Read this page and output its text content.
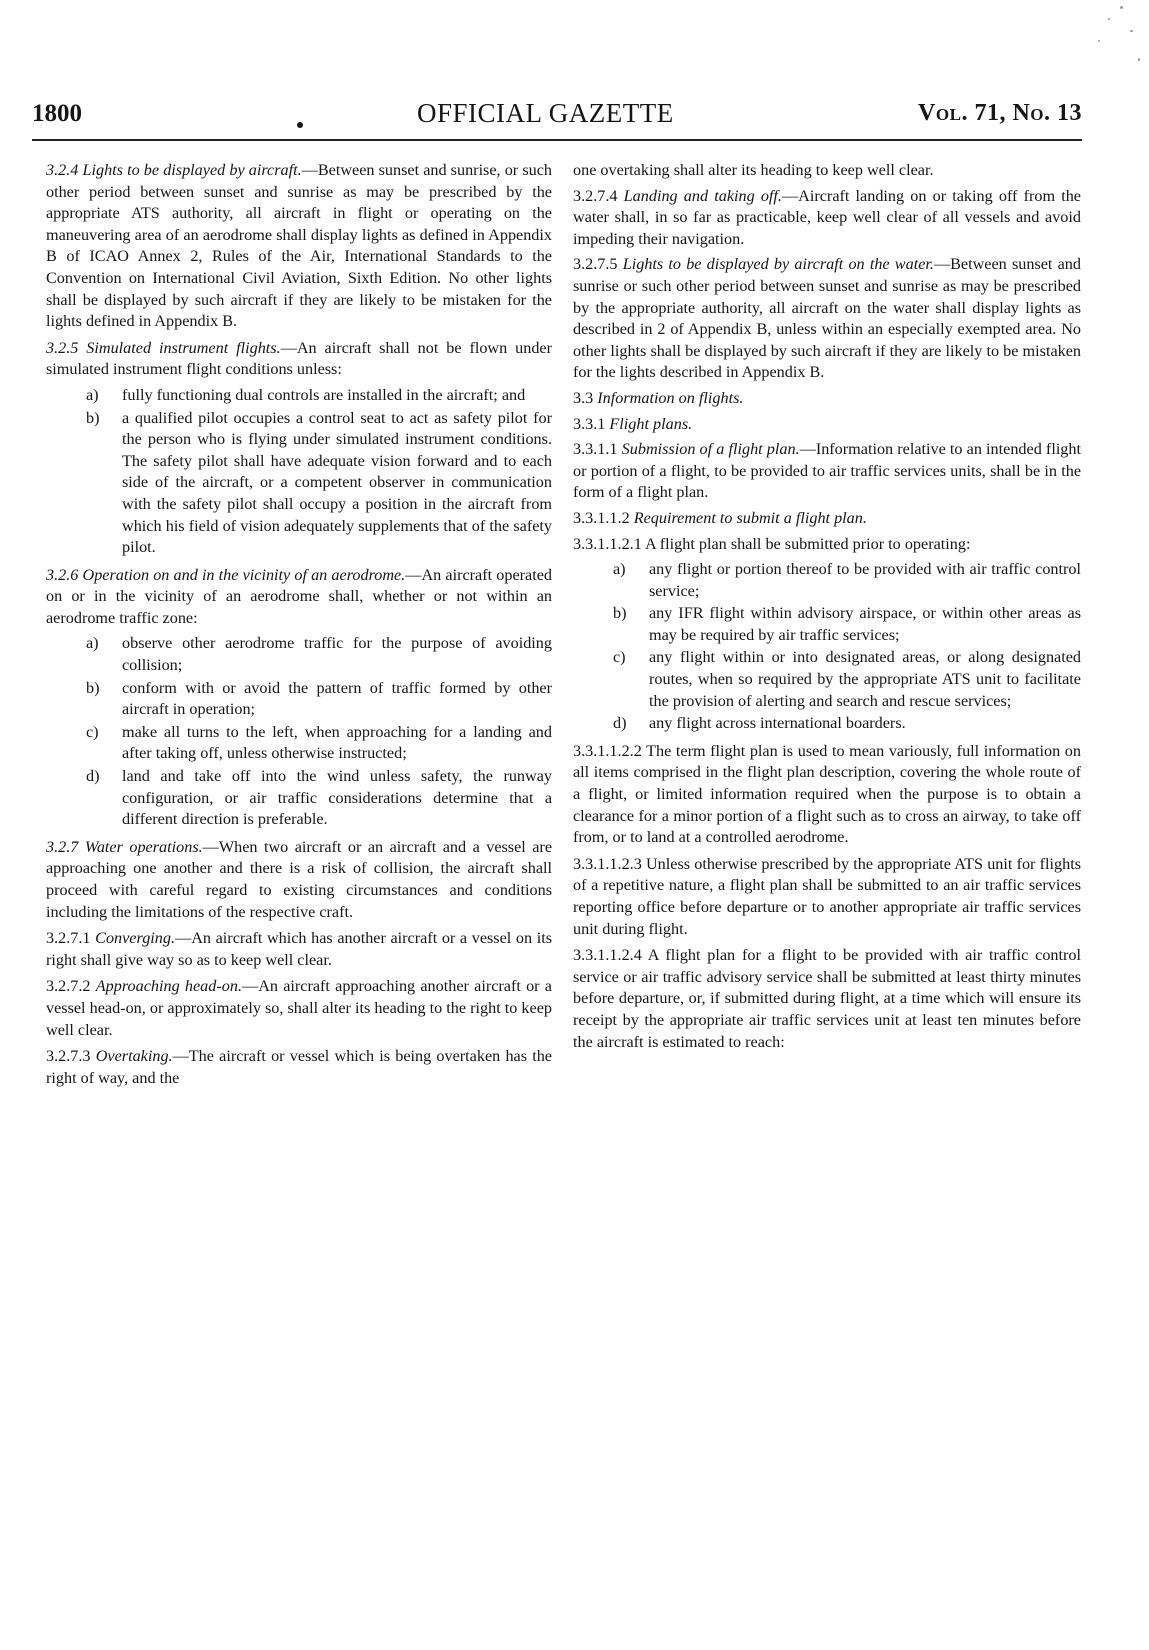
1800	OFFICIAL GAZETTE	Vol. 71, No. 13

3.2.4 Lights to be displayed by aircraft.—Between sunset and sunrise, or such other period between sunset and sunrise as may be prescribed by the appropriate ATS authority, all aircraft in flight or operating on the maneuvering area of an aerodrome shall display lights as defined in Appendix B of ICAO Annex 2, Rules of the Air, International Standards to the Convention on International Civil Aviation, Sixth Edition. No other lights shall be displayed by such aircraft if they are likely to be mistaken for the lights defined in Appendix B.

3.2.5 Simulated instrument flights.—An aircraft shall not be flown under simulated instrument flight conditions unless:

a) fully functioning dual controls are installed in the aircraft; and
b) a qualified pilot occupies a control seat to act as safety pilot for the person who is flying under simulated instrument conditions. The safety pilot shall have adequate vision forward and to each side of the aircraft, or a competent observer in communication with the safety pilot shall occupy a position in the aircraft from which his field of vision adequately supplements that of the safety pilot.

3.2.6 Operation on and in the vicinity of an aerodrome.—An aircraft operated on or in the vicinity of an aerodrome shall, whether or not within an aerodrome traffic zone:

a) observe other aerodrome traffic for the purpose of avoiding collision;
b) conform with or avoid the pattern of traffic formed by other aircraft in operation;
c) make all turns to the left, when approaching for a landing and after taking off, unless otherwise instructed;
d) land and take off into the wind unless safety, the runway configuration, or air traffic considerations determine that a different direction is preferable.

3.2.7 Water operations.—When two aircraft or an aircraft and a vessel are approaching one another and there is a risk of collision, the aircraft shall proceed with careful regard to existing circumstances and conditions including the limitations of the respective craft.

3.2.7.1 Converging.—An aircraft which has another aircraft or a vessel on its right shall give way so as to keep well clear.

3.2.7.2 Approaching head-on.—An aircraft approaching another aircraft or a vessel head-on, or approximately so, shall alter its heading to the right to keep well clear.

3.2.7.3 Overtaking.—The aircraft or vessel which is being overtaken has the right of way, and the

one overtaking shall alter its heading to keep well clear.

3.2.7.4 Landing and taking off.—Aircraft landing on or taking off from the water shall, in so far as practicable, keep well clear of all vessels and avoid impeding their navigation.

3.2.7.5 Lights to be displayed by aircraft on the water.—Between sunset and sunrise or such other period between sunset and sunrise as may be prescribed by the appropriate authority, all aircraft on the water shall display lights as described in 2 of Appendix B, unless within an especially exempted area. No other lights shall be displayed by such aircraft if they are likely to be mistaken for the lights described in Appendix B.

3.3 Information on flights.

3.3.1 Flight plans.

3.3.1.1 Submission of a flight plan.—Information relative to an intended flight or portion of a flight, to be provided to air traffic services units, shall be in the form of a flight plan.

3.3.1.1.2 Requirement to submit a flight plan.

3.3.1.1.2.1 A flight plan shall be submitted prior to operating:

a) any flight or portion thereof to be provided with air traffic control service;
b) any IFR flight within advisory airspace, or within other areas as may be required by air traffic services;
c) any flight within or into designated areas, or along designated routes, when so required by the appropriate ATS unit to facilitate the provision of alerting and search and rescue services;
d) any flight across international boarders.

3.3.1.1.2.2 The term flight plan is used to mean variously, full information on all items comprised in the flight plan description, covering the whole route of a flight, or limited information required when the purpose is to obtain a clearance for a minor portion of a flight such as to cross an airway, to take off from, or to land at a controlled aerodrome.

3.3.1.1.2.3 Unless otherwise prescribed by the appropriate ATS unit for flights of a repetitive nature, a flight plan shall be submitted to an air traffic services reporting office before departure or to another appropriate air traffic services unit during flight.

3.3.1.1.2.4 A flight plan for a flight to be provided with air traffic control service or air traffic advisory service shall be submitted at least thirty minutes before departure, or, if submitted during flight, at a time which will ensure its receipt by the appropriate air traffic services unit at least ten minutes before the aircraft is estimated to reach:
